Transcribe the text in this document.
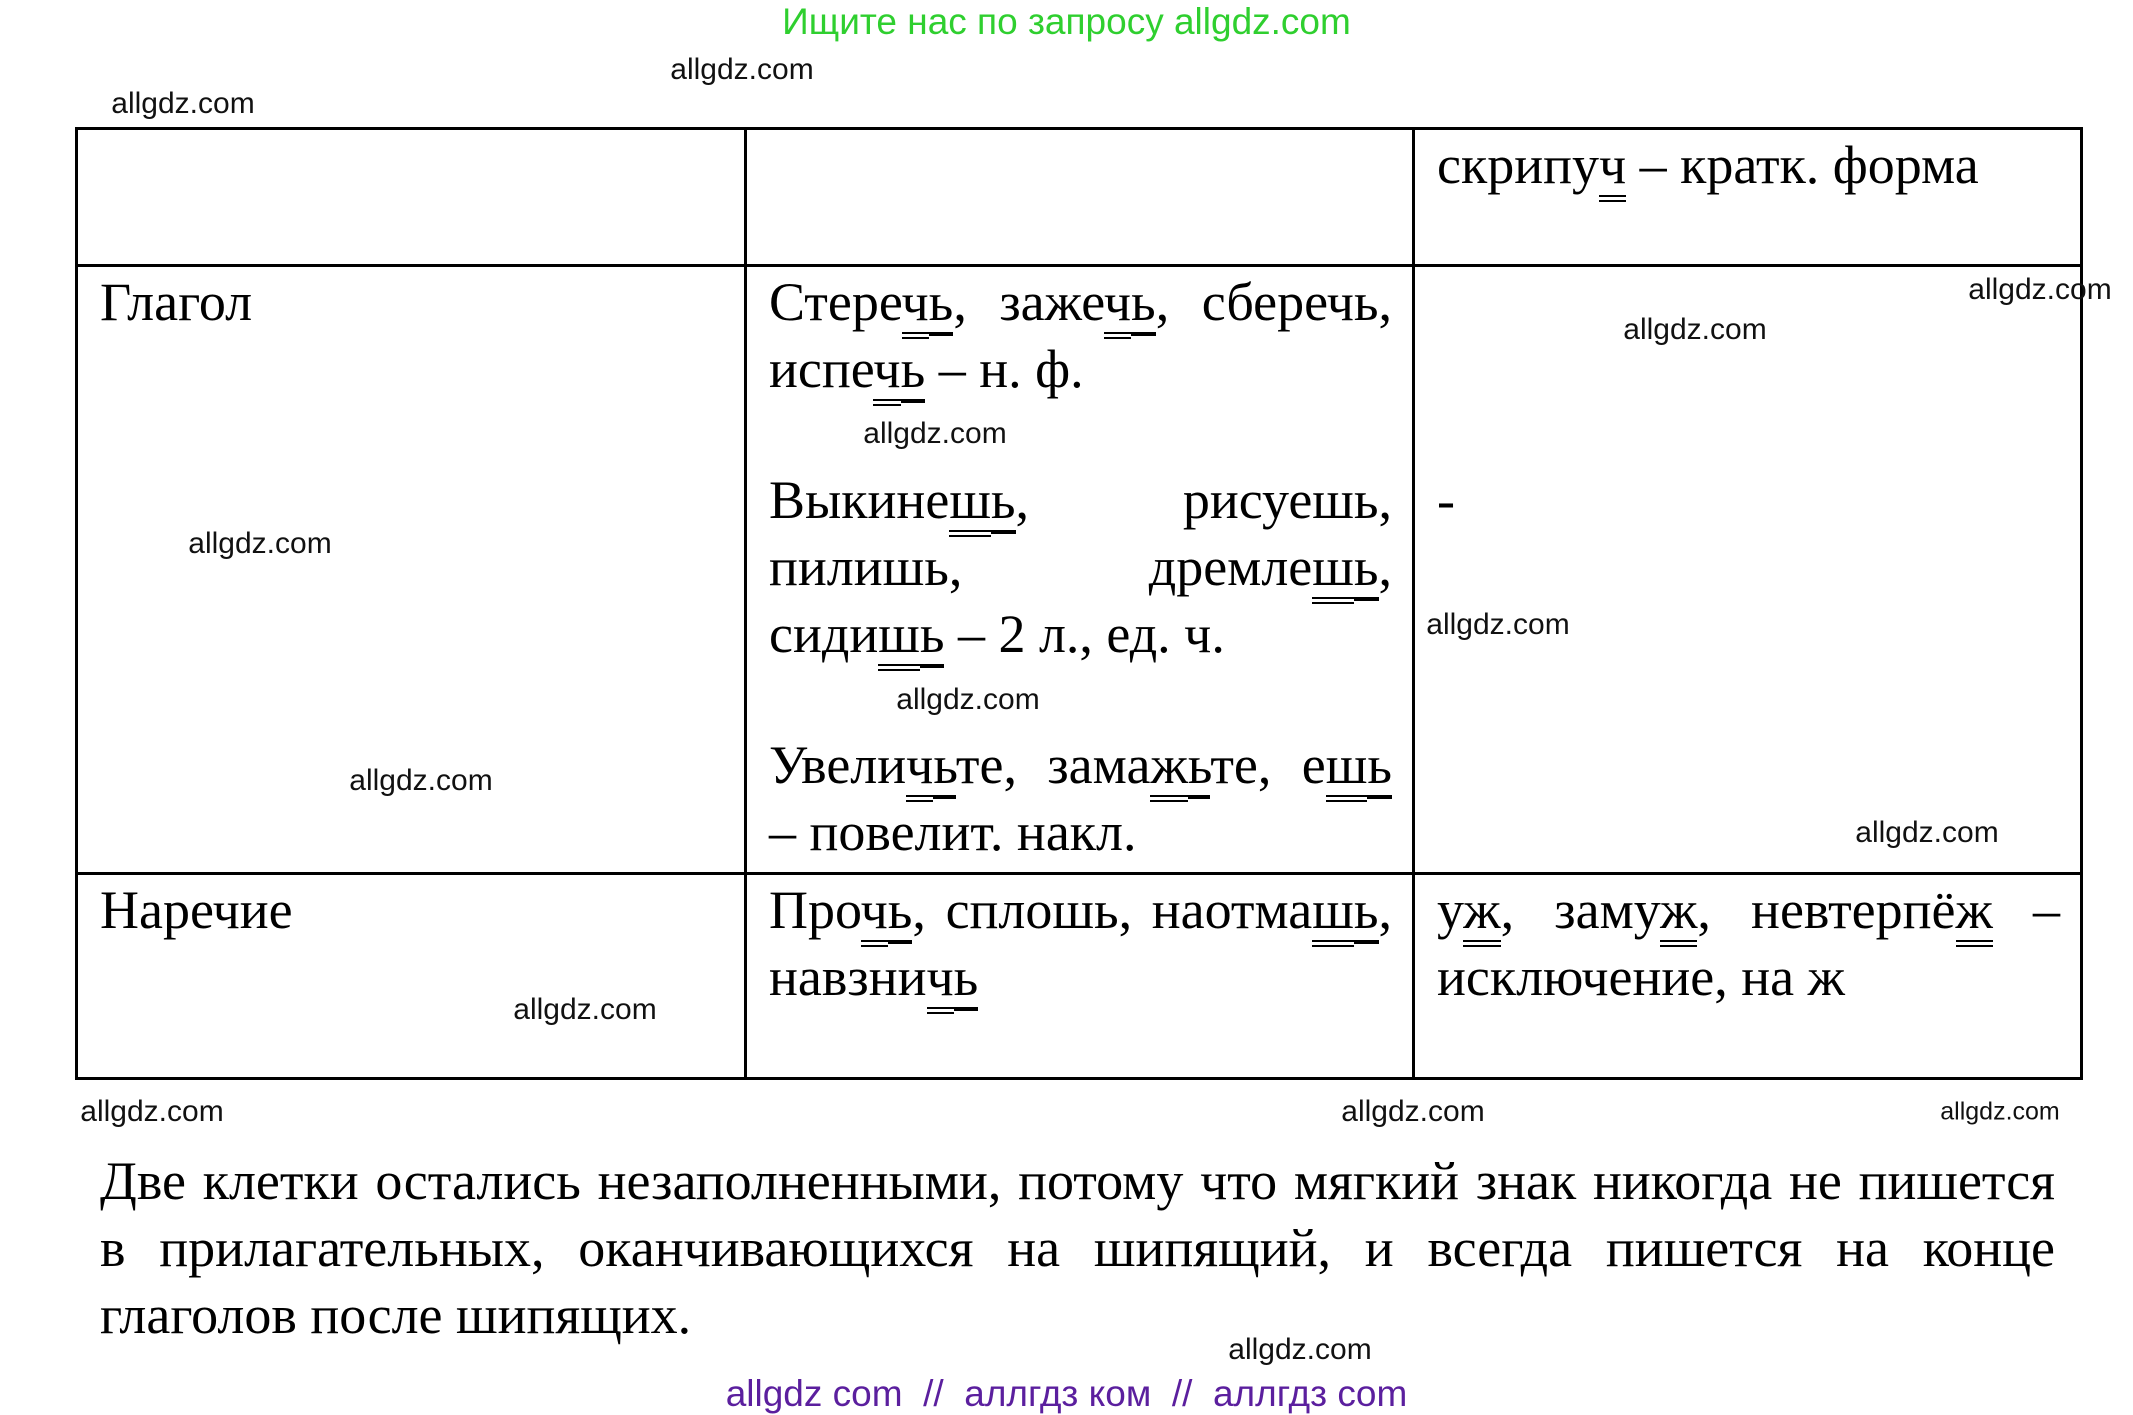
Ищите нас по запросу allgdz.com

		скрипуч – кратк. форма

Глагол	Стеречь, зажечь, сберечь, испечь – н. ф.
Выкинешь, рисуешь, пилишь, дремлешь, сидишь – 2 л., ед. ч.
Увеличьте, замажьте, ешь – повелит. накл.	-

Наречие	Прочь, сплошь, наотмашь, навзничь	уж, замуж, невтерпёж – исключение, на ж
Две клетки остались незаполненными, потому что мягкий знак никогда не пишется в прилагательных, оканчивающихся на шипящий, и всегда пишется на конце глаголов после шипящих.
allgdz.com
allgdz.com
allgdz.com
allgdz.com
allgdz.com
allgdz.com
allgdz.com
allgdz.com
allgdz.com
allgdz.com
allgdz.com
allgdz.com	allgdz.com
allgdz.com
allgdz.com
allgdz com  //  аллгдз ком  //  аллгдз com
